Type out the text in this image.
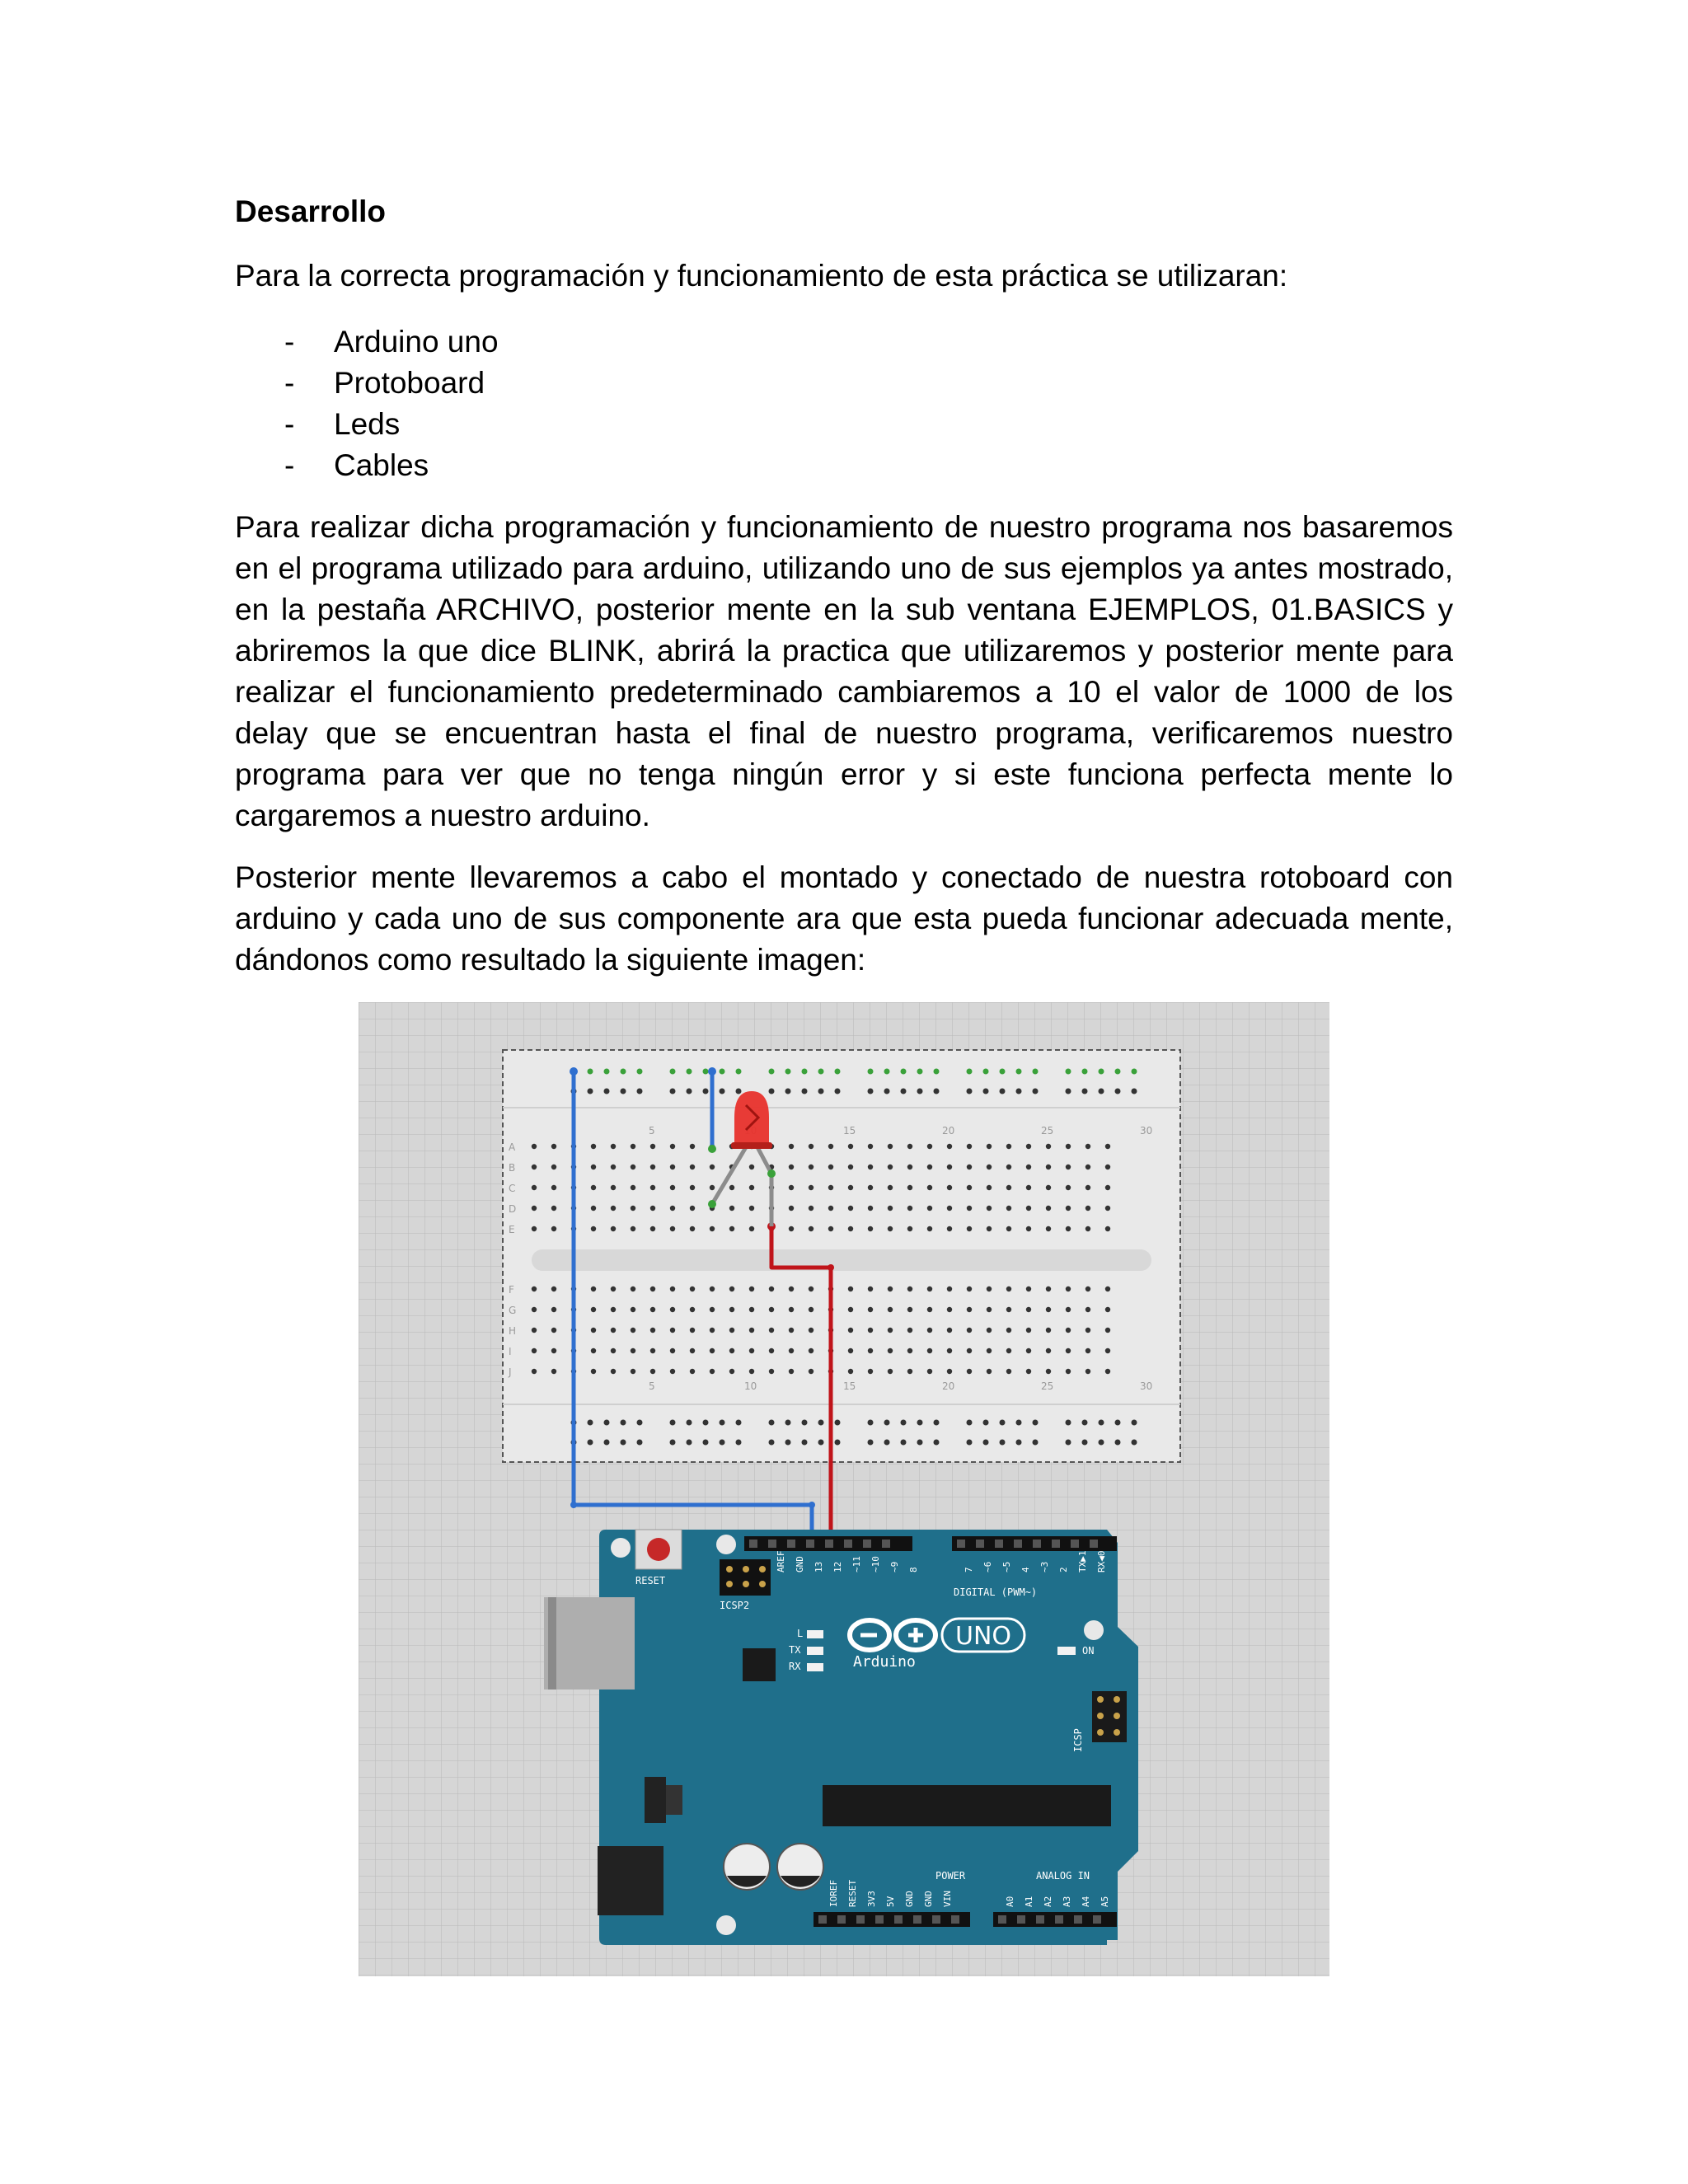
Desarrollo
Para la correcta programación y funcionamiento de esta práctica se utilizaran:
- Arduino uno
- Protoboard
- Leds
- Cables

Para realizar dicha programación y funcionamiento de nuestro programa nos basaremos en el programa utilizado para arduino, utilizando uno de sus ejemplos ya antes mostrado, en la pestaña ARCHIVO, posterior mente en la sub ventana EJEMPLOS, 01.BASICS y abriremos la que dice BLINK, abrirá la practica que utilizaremos y posterior mente para realizar el funcionamiento predeterminado cambiaremos a 10 el valor de 1000 de los delay que se encuentran hasta el final de nuestro programa, verificaremos nuestro programa para ver que no tenga ningún error y si este funciona perfecta mente lo cargaremos a nuestro arduino.

Posterior mente llevaremos a cabo el montado y conectado de nuestra rotoboard con arduino y cada uno de sus componente ara que esta pueda funcionar adecuada mente, dándonos como resultado la siguiente imagen:

A
B
C
D
E
F
G
H
I
J
5	15	20	25	30
5	10	15	20	25	30
RESET
ICSP2
UNO
Arduino
L
TX
RX
ON
DIGITAL (PWM~)
POWER	ANALOG IN
ICSP
AREF GND 13 12 ~11 ~10 ~9 8	7 ~6 ~5 4 ~3 2 TX▶1 RX◀0
IOREF RESET 3V3 5V GND GND VIN	A0 A1 A2 A3 A4 A5
